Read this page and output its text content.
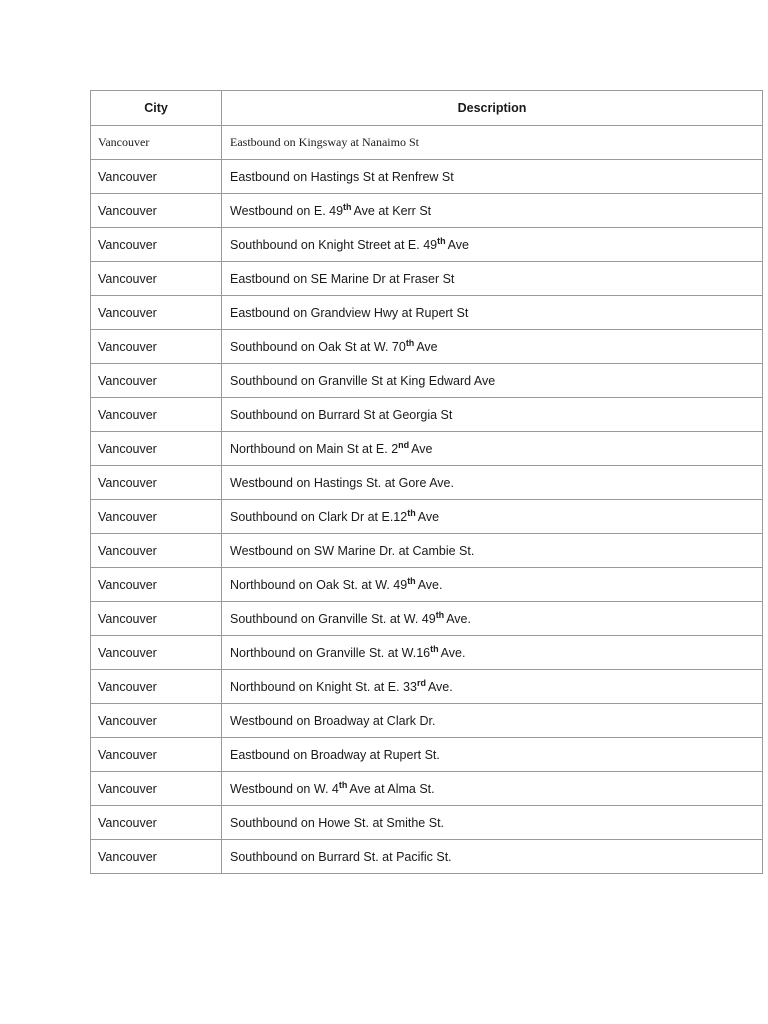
City	Description
Vancouver	Eastbound on Kingsway at Nanaimo St
Vancouver	Eastbound on Hastings St at Renfrew St
Vancouver	Westbound on E. 49th Ave at Kerr St
Vancouver	Southbound on Knight Street at E. 49th Ave
Vancouver	Eastbound on SE Marine Dr at Fraser St
Vancouver	Eastbound on Grandview Hwy at Rupert St
Vancouver	Southbound on Oak St at W. 70th Ave
Vancouver	Southbound on Granville St at King Edward Ave
Vancouver	Southbound on Burrard St at Georgia St
Vancouver	Northbound on Main St at E. 2nd Ave
Vancouver	Westbound on Hastings St. at Gore Ave.
Vancouver	Southbound on Clark Dr at E.12th Ave
Vancouver	Westbound on SW Marine Dr. at Cambie St.
Vancouver	Northbound on Oak St. at W. 49th Ave.
Vancouver	Southbound on Granville St. at W. 49th Ave.
Vancouver	Northbound on Granville St. at W.16th Ave.
Vancouver	Northbound on Knight St. at E. 33rd Ave.
Vancouver	Westbound on Broadway at Clark Dr.
Vancouver	Eastbound on Broadway at Rupert St.
Vancouver	Westbound on W. 4th Ave at Alma St.
Vancouver	Southbound on Howe St. at Smithe St.
Vancouver	Southbound on Burrard St. at Pacific St.
